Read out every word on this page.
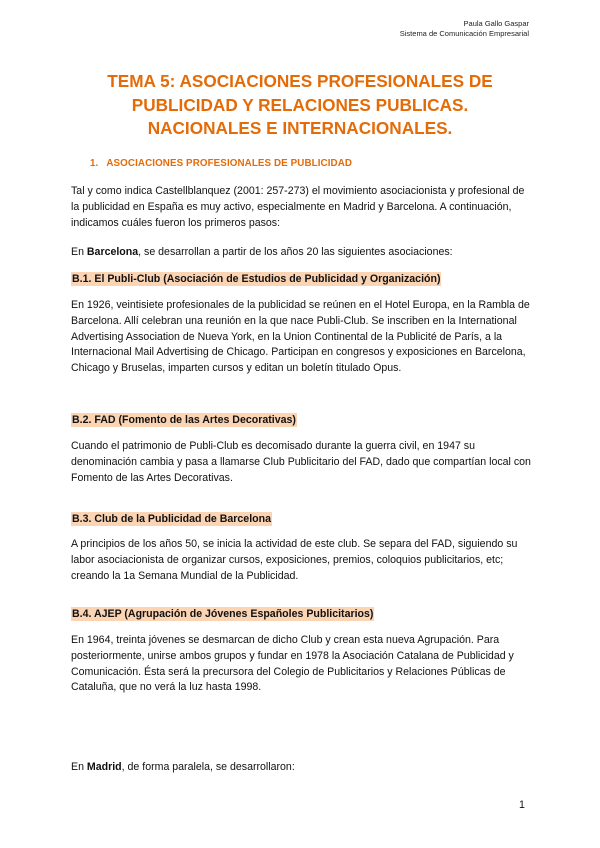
Paula Gallo Gaspar
Sistema de Comunicación Empresarial
TEMA 5: ASOCIACIONES PROFESIONALES DE
PUBLICIDAD Y RELACIONES PUBLICAS.
NACIONALES E INTERNACIONALES.
1. ASOCIACIONES PROFESIONALES DE PUBLICIDAD
Tal y como indica Castellblanquez (2001: 257-273) el movimiento asociacionista y profesional de la publicidad en España es muy activo, especialmente en Madrid y Barcelona. A continuación, indicamos cuáles fueron los primeros pasos:
En Barcelona, se desarrollan a partir de los años 20 las siguientes asociaciones:
B.1. El Publi-Club (Asociación de Estudios de Publicidad y Organización)
En 1926, veintisiete profesionales de la publicidad se reúnen en el Hotel Europa, en la Rambla de Barcelona. Allí celebran una reunión en la que nace Publi-Club. Se inscriben en la International Advertising Association de Nueva York, en la Union Continental de la Publicité de París, a la Internacional Mail Advertising de Chicago. Participan en congresos y exposiciones en Barcelona, Chicago y Bruselas, imparten cursos y editan un boletín titulado Opus.
B.2. FAD (Fomento de las Artes Decorativas)
Cuando el patrimonio de Publi-Club es decomisado durante la guerra civil, en 1947 su denominación cambia y pasa a llamarse Club Publicitario del FAD, dado que compartían local con Fomento de las Artes Decorativas.
B.3. Club de la Publicidad de Barcelona
A principios de los años 50, se inicia la actividad de este club. Se separa del FAD, siguiendo su labor asociacionista de organizar cursos, exposiciones, premios, coloquios publicitarios, etc; creando la 1a Semana Mundial de la Publicidad.
B.4. AJEP (Agrupación de Jóvenes Españoles Publicitarios)
En 1964, treinta jóvenes se desmarcan de dicho Club y crean esta nueva Agrupación. Para posteriormente, unirse ambos grupos y fundar en 1978 la Asociación Catalana de Publicidad y Comunicación. Ésta será la precursora del Colegio de Publicitarios y Relaciones Públicas de Cataluña, que no verá la luz hasta 1998.
En Madrid, de forma paralela, se desarrollaron:
1
